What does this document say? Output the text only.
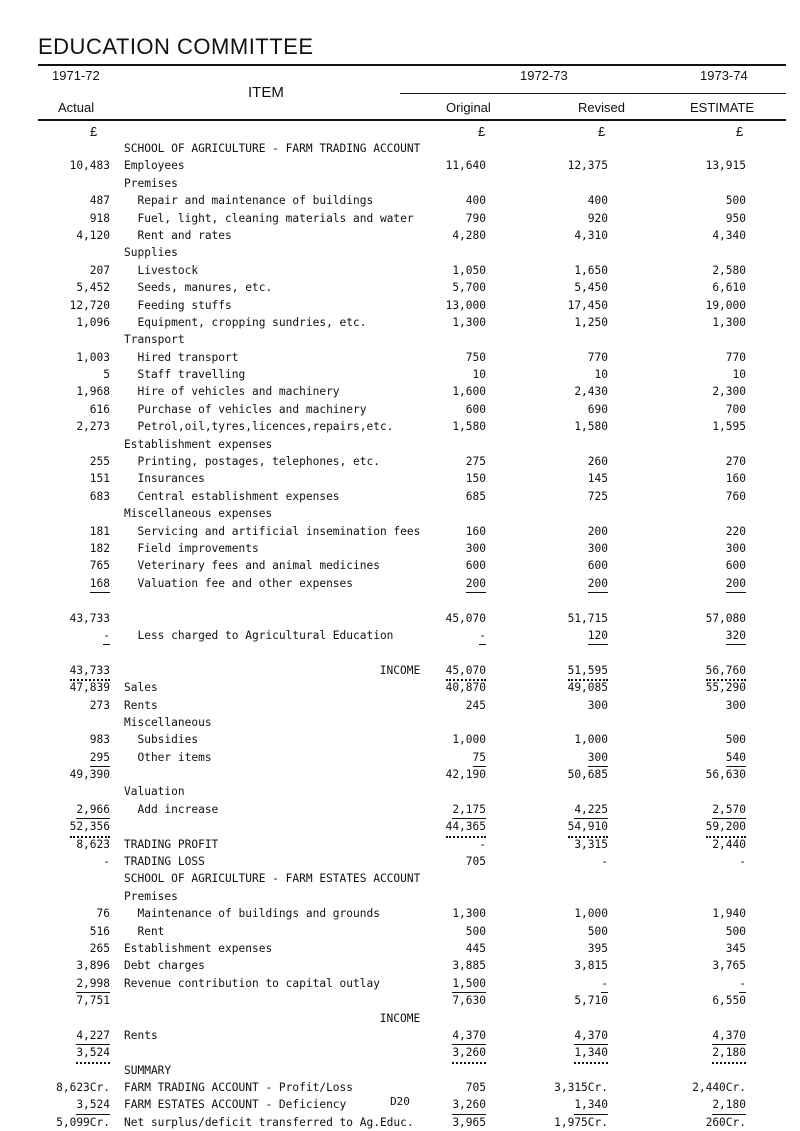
EDUCATION COMMITTEE
1971-72
Actual
ITEM
1972-73
Original	Revised
1973-74
ESTIMATE
£	£	£	£
SCHOOL OF AGRICULTURE - FARM TRADING ACCOUNT
10,483 Employees	11,640	12,375	13,915
Premises
487 Repair and maintenance of buildings	400	400	500
918 Fuel, light, cleaning materials and water	790	920	950
4,120 Rent and rates	4,280	4,310	4,340
Supplies
207 Livestock	1,050	1,650	2,580
5,452 Seeds, manures, etc.	5,700	5,450	6,610
12,720 Feeding stuffs	13,000	17,450	19,000
1,096 Equipment, cropping sundries, etc.	1,300	1,250	1,300
Transport
1,003 Hired transport	750	770	770
5 Staff travelling	10	10	10
1,968 Hire of vehicles and machinery	1,600	2,430	2,300
616 Purchase of vehicles and machinery	600	690	700
2,273 Petrol,oil,tyres,licences,repairs,etc.	1,580	1,580	1,595
Establishment expenses
255 Printing, postages, telephones, etc.	275	260	270
151 Insurances	150	145	160
683 Central establishment expenses	685	725	760
Miscellaneous expenses
181 Servicing and artificial insemination fees	160	200	220
182 Field improvements	300	300	300
765 Veterinary fees and animal medicines	600	600	600
168 Valuation fee and other expenses	200	200	200
43,733	45,070	51,715	57,080
- Less charged to Agricultural Education	-	120	320
43,733	INCOME 45,070	51,595	56,760
47,839 Sales	40,870	49,085	55,290
273 Rents	245	300	300
Miscellaneous
983 Subsidies	1,000	1,000	500
295 Other items	75	300	540
49,390	42,190	50,685	56,630
Valuation
2,966 Add increase	2,175	4,225	2,570
52,356	44,365	54,910	59,200
8,623 TRADING PROFIT	-	3,315	2,440
- TRADING LOSS	705	-	-
SCHOOL OF AGRICULTURE - FARM ESTATES ACCOUNT
Premises
76 Maintenance of buildings and grounds	1,300	1,000	1,940
516 Rent	500	500	500
265 Establishment expenses	445	395	345
3,896 Debt charges	3,885	3,815	3,765
2,998 Revenue contribution to capital outlay	1,500	-	-
7,751	7,630	5,710	6,550
INCOME
4,227 Rents	4,370	4,370	4,370
3,524	3,260	1,340	2,180
SUMMARY
8,623Cr. FARM TRADING ACCOUNT - Profit/Loss	705	3,315Cr.	2,440Cr.
3,524 FARM ESTATES ACCOUNT - Deficiency	3,260	1,340	2,180
5,099Cr. Net surplus/deficit transferred to Ag.Educ.	3,965	1,975Cr.	260Cr.
D20
